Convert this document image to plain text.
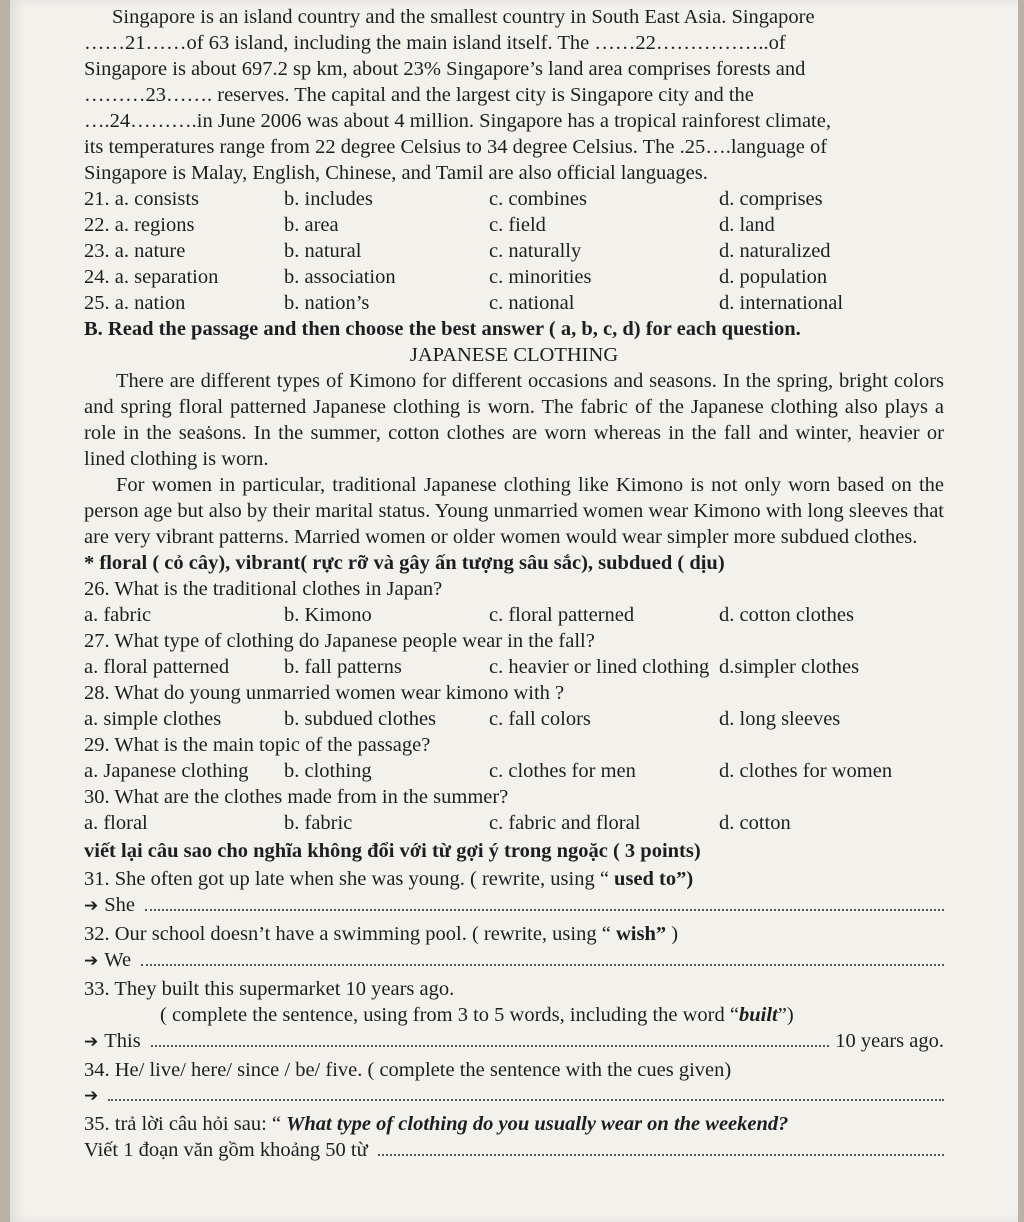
Singapore is an island country and the smallest country in South East Asia. Singapore

……21……of 63 island, including the main island itself. The ……22……………..of

Singapore is about 697.2 sp km, about 23% Singapore’s land area comprises forests and

………23……. reserves. The capital and the largest city is Singapore city and the

….24……….in June 2006 was about 4 million. Singapore has a tropical rainforest climate,

its temperatures range from 22 degree Celsius to 34 degree Celsius. The .25….language of

Singapore is Malay, English, Chinese, and Tamil are also official languages.

21. a. consists	b. includes	c. combines	d. comprises
22. a. regions	b. area	c. field	d. land
23. a. nature	b. natural	c. naturally	d. naturalized
24. a. separation	b. association	c. minorities	d. population
25. a. nation	b. nation’s	c. national	d. international

B. Read the passage and then choose the best answer ( a, b, c, d) for each question.

JAPANESE CLOTHING

There are different types of Kimono for different occasions and seasons. In the spring, bright colors and spring floral patterned Japanese clothing is worn. The fabric of the Japanese clothing also plays a role in the seaṡons. In the summer, cotton clothes are worn whereas in the fall and winter, heavier or lined clothing is worn.

For women in particular, traditional Japanese clothing like Kimono is not only worn based on the person age but also by their marital status. Young unmarried women wear Kimono with long sleeves that are very vibrant patterns. Married women or older women would wear simpler more subdued clothes.

* floral ( cỏ cây), vibrant( rực rỡ và gây ấn tượng sâu sắc), subdued ( dịu)

26. What is the traditional clothes in Japan?

a. fabric	b. Kimono	c. floral patterned	d. cotton clothes

27. What type of clothing do Japanese people wear in the fall?

a. floral patterned	b. fall patterns	c. heavier or lined clothing d.simpler clothes

28. What do young unmarried women wear kimono with ?

a. simple clothes	b. subdued clothes	c. fall colors	d. long sleeves

29. What is the main topic of the passage?

a. Japanese clothing	b. clothing	c. clothes for men	d. clothes for women

30. What are the clothes made from in the summer?

a. floral	b. fabric	c. fabric and floral	d. cotton

viết lại câu sao cho nghĩa không đổi với từ gợi ý trong ngoặc ( 3 points)

31. She often got up late when she was young. ( rewrite, using “ used to”)

➔ She

32. Our school doesn’t have a swimming pool. ( rewrite, using “ wish” )

➔ We

33. They built this supermarket 10 years ago.

( complete the sentence, using from 3 to 5 words, including the word “built”)

➔ This	10 years ago.

34. He/ live/ here/ since / be/ five. ( complete the sentence with the cues given)

➔

35. trả lời câu hỏi sau: “ What type of clothing do you usually wear on the weekend?

Viết 1 đoạn văn gồm khoảng 50 từ
